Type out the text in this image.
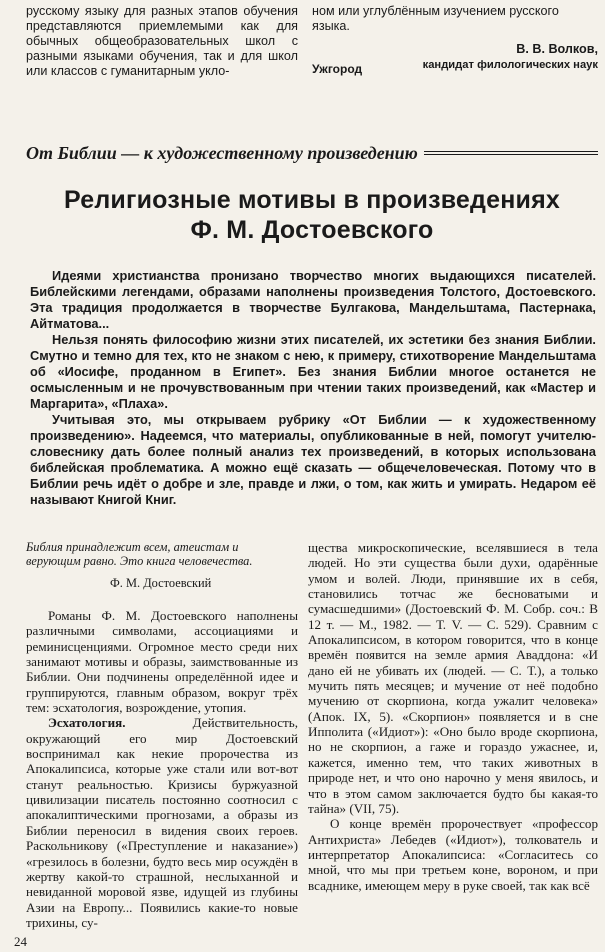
русскому языку для разных этапов обучения представляются приемлемыми как для обычных общеобразовательных школ с разными языками обучения, так и для школ или классов с гуманитарным укло-

ном или углублённым изучением русского языка.

В. В. Волков,
кандидат филологических наук
Ужгород
От Библии — к художественному произведению
Религиозные мотивы в произведениях
Ф. М. Достоевского

Идеями христианства пронизано творчество многих выдающихся писателей. Библейскими легендами, образами наполнены произведения Толстого, Достоевского. Эта традиция продолжается в творчестве Булгакова, Мандельштама, Пастернака, Айтматова...

Нельзя понять философию жизни этих писателей, их эстетики без знания Библии. Смутно и темно для тех, кто не знаком с нею, к примеру, стихотворение Мандельштама об «Иосифе, проданном в Египет». Без знания Библии многое останется не осмысленным и не прочувствованным при чтении таких произведений, как «Мастер и Маргарита», «Плаха».

Учитывая это, мы открываем рубрику «От Библии — к художественному произведению». Надеемся, что материалы, опубликованные в ней, помогут учителю-словеснику дать более полный анализ тех произведений, в которых использована библейская проблематика. А можно ещё сказать — общечеловеческая. Потому что в Библии речь идёт о добре и зле, правде и лжи, о том, как жить и умирать. Недаром её называют Книгой Книг.

Библия принадлежит всем, атеистам и верующим равно. Это книга человечества.

Ф. М. Достоевский

Романы Ф. М. Достоевского наполнены различными символами, ассоциациями и реминисценциями. Огромное место среди них занимают мотивы и образы, заимствованные из Библии. Они подчинены определённой идее и группируются, главным образом, вокруг трёх тем: эсхатология, возрождение, утопия.

Эсхатология. Действительность, окружающий его мир Достоевский воспринимал как некие пророчества из Апокалипсиса, которые уже стали или вот-вот станут реальностью. Кризисы буржуазной цивилизации писатель постоянно соотносил с апокалиптическими прогнозами, а образы из Библии переносил в видения своих героев. Раскольникову («Преступление и наказание») «грезилось в болезни, будто весь мир осуждён в жертву какой-то страшной, неслыханной и невиданной моровой язве, идущей из глубины Азии на Европу... Появились какие-то новые трихины, су-

щества микроскопические, вселявшиеся в тела людей. Но эти существа были духи, одарённые умом и волей. Люди, принявшие их в себя, становились тотчас же бесноватыми и сумасшедшими» (Достоевский Ф. М. Собр. соч.: В 12 т. — М., 1982. — Т. V. — С. 529). Сравним с Апокалипсисом, в котором говорится, что в конце времён появится на земле армия Аваддона: «И дано ей не убивать их (людей. — С. Т.), а только мучить пять месяцев; и мучение от неё подобно мучению от скорпиона, когда ужалит человека» (Апок. IX, 5). «Скорпион» появляется и в сне Ипполита («Идиот»): «Оно было вроде скорпиона, но не скорпион, а гаже и гораздо ужаснее, и, кажется, именно тем, что таких животных в природе нет, и что оно нарочно у меня явилось, и что в этом самом заключается будто бы какая-то тайна» (VII, 75).

О конце времён пророчествует «профессор Антихриста» Лебедев («Идиот»), толкователь и интерпретатор Апокалипсиса: «Согласитесь со мной, что мы при третьем коне, вороном, и при всаднике, имеющем меру в руке своей, так как всё

24
